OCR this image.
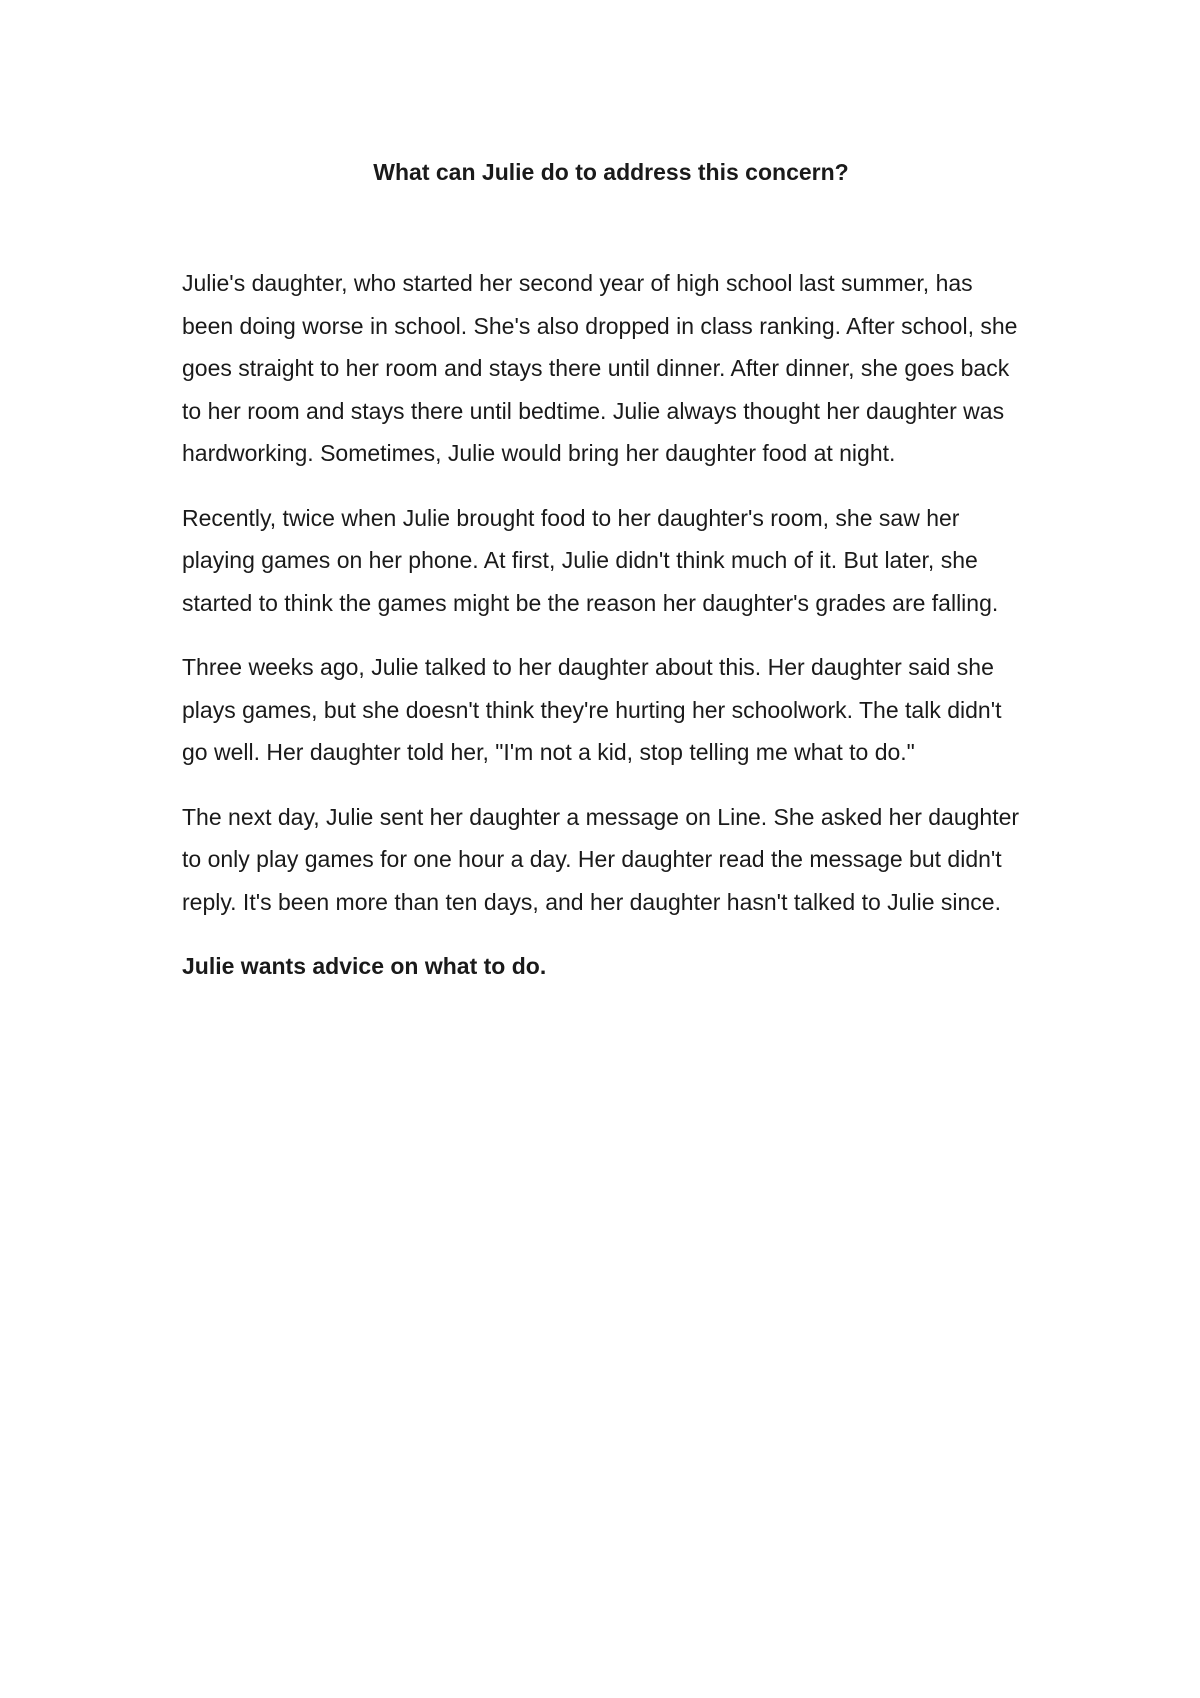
What can Julie do to address this concern?

Julie's daughter, who started her second year of high school last summer, has been doing worse in school. She's also dropped in class ranking. After school, she goes straight to her room and stays there until dinner. After dinner, she goes back to her room and stays there until bedtime. Julie always thought her daughter was hardworking. Sometimes, Julie would bring her daughter food at night.

Recently, twice when Julie brought food to her daughter's room, she saw her playing games on her phone. At first, Julie didn't think much of it. But later, she started to think the games might be the reason her daughter's grades are falling.

Three weeks ago, Julie talked to her daughter about this. Her daughter said she plays games, but she doesn't think they're hurting her schoolwork. The talk didn't go well. Her daughter told her, "I'm not a kid, stop telling me what to do."

The next day, Julie sent her daughter a message on Line. She asked her daughter to only play games for one hour a day. Her daughter read the message but didn't reply. It's been more than ten days, and her daughter hasn't talked to Julie since.

Julie wants advice on what to do.
